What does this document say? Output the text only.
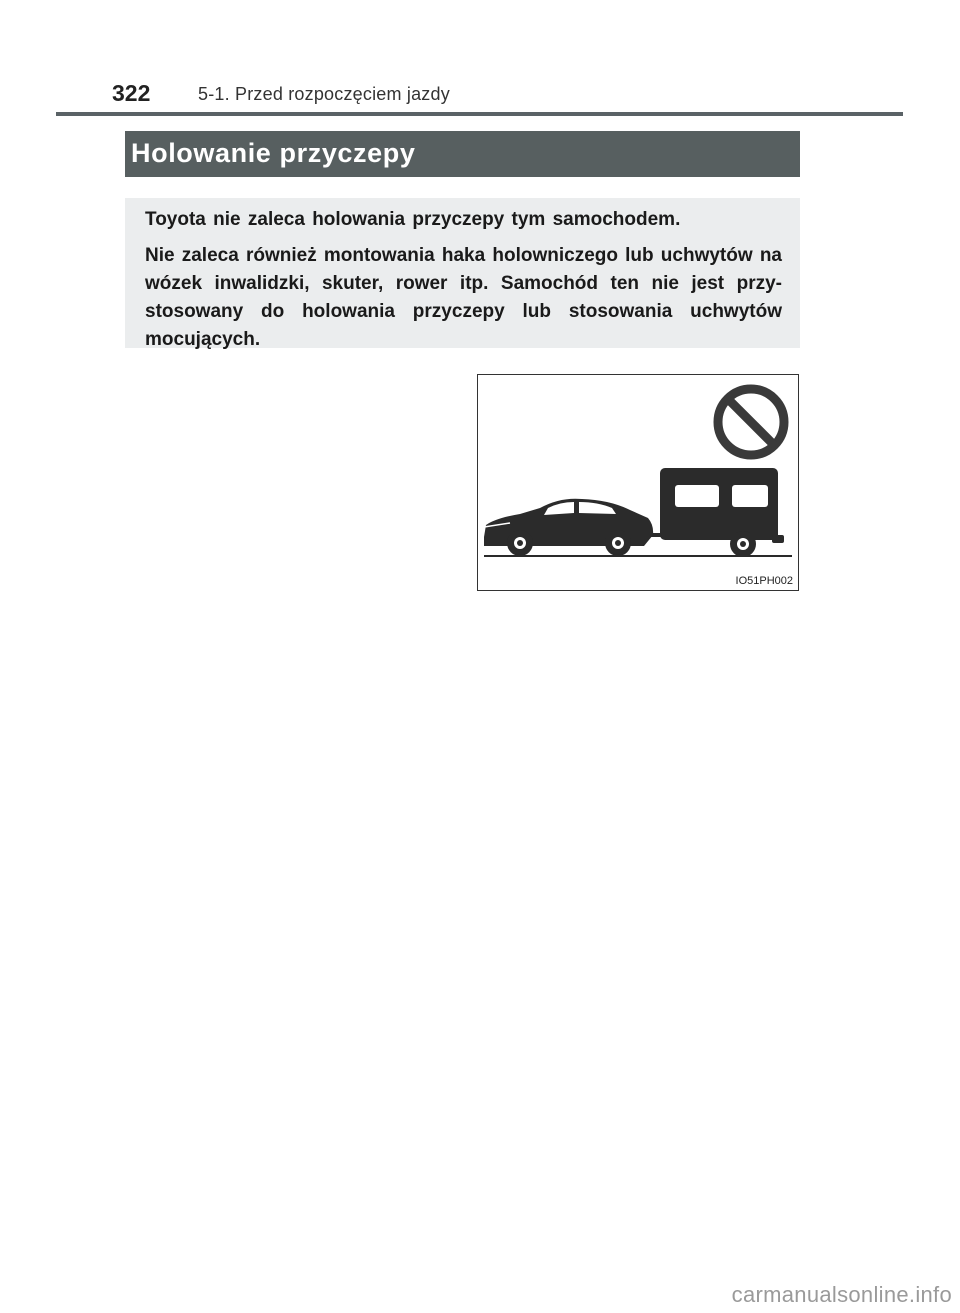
322	5-1. Przed rozpoczęciem jazdy
Holowanie przyczepy

Toyota nie zaleca holowania przyczepy tym samochodem.

Nie zaleca również montowania haka holowniczego lub uchwytów na wózek inwalidzki, skuter, rower itp. Samochód ten nie jest przy-stosowany do holowania przyczepy lub stosowania uchwytów mocujących.

IO51PH002
carmanualsonline.info
